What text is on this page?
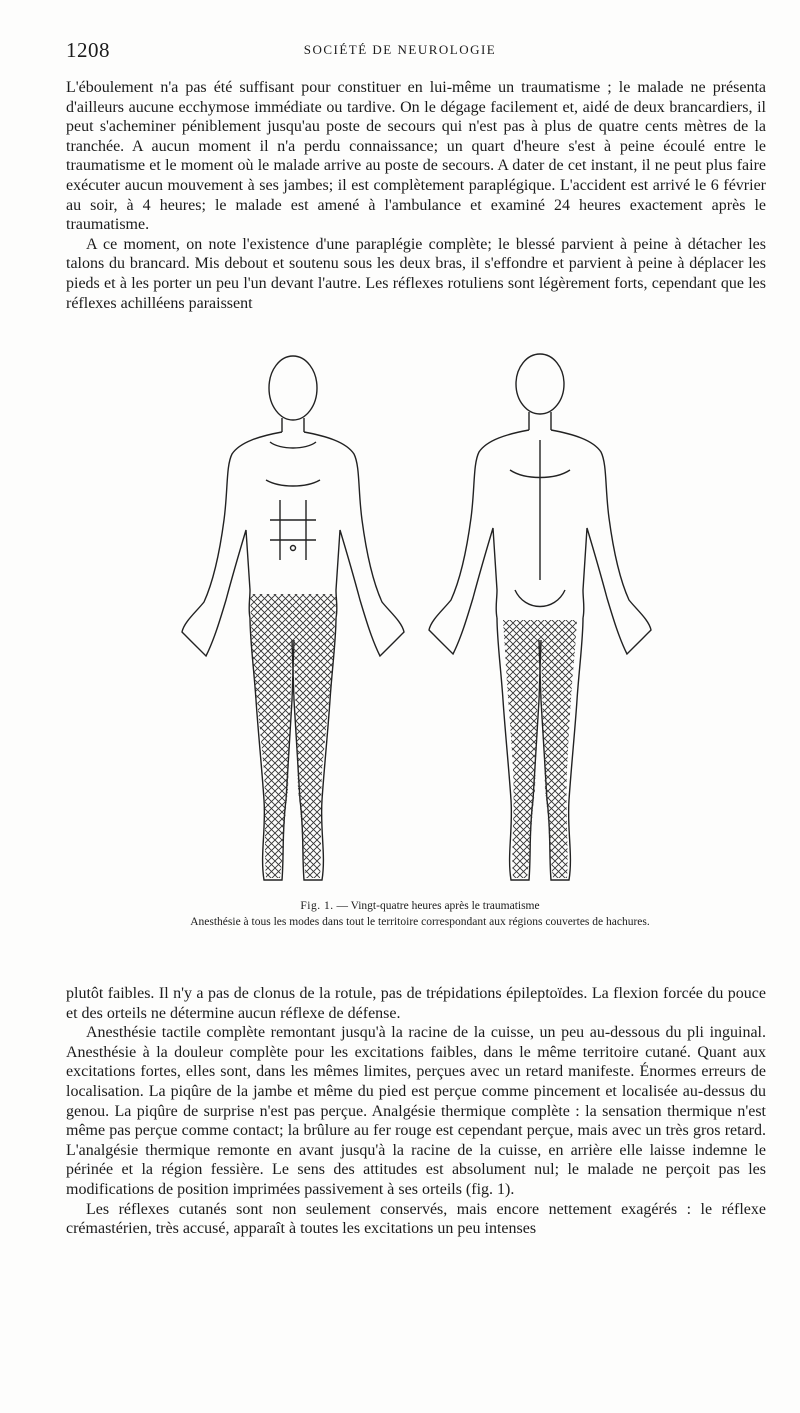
1208	SOCIÉTÉ DE NEUROLOGIE

L'éboulement n'a pas été suffisant pour constituer en lui-même un traumatisme ; le malade ne présenta d'ailleurs aucune ecchymose immédiate ou tardive. On le dégage facilement et, aidé de deux brancardiers, il peut s'acheminer péniblement jusqu'au poste de secours qui n'est pas à plus de quatre cents mètres de la tranchée. A aucun moment il n'a perdu connaissance; un quart d'heure s'est à peine écoulé entre le traumatisme et le moment où le malade arrive au poste de secours. A dater de cet instant, il ne peut plus faire exécuter aucun mouvement à ses jambes; il est complètement paraplégique. L'accident est arrivé le 6 février au soir, à 4 heures; le malade est amené à l'ambulance et examiné 24 heures exactement après le traumatisme.

A ce moment, on note l'existence d'une paraplégie complète; le blessé parvient à peine à détacher les talons du brancard. Mis debout et soutenu sous les deux bras, il s'effondre et parvient à peine à déplacer les pieds et à les porter un peu l'un devant l'autre. Les réflexes rotuliens sont légèrement forts, cependant que les réflexes achilléens paraissent

Fig. 1. — Vingt-quatre heures après le traumatisme
Anesthésie à tous les modes dans tout le territoire correspondant aux régions couvertes de hachures.

plutôt faibles. Il n'y a pas de clonus de la rotule, pas de trépidations épileptoïdes. La flexion forcée du pouce et des orteils ne détermine aucun réflexe de défense.

Anesthésie tactile complète remontant jusqu'à la racine de la cuisse, un peu au-dessous du pli inguinal. Anesthésie à la douleur complète pour les excitations faibles, dans le même territoire cutané. Quant aux excitations fortes, elles sont, dans les mêmes limites, perçues avec un retard manifeste. Énormes erreurs de localisation. La piqûre de la jambe et même du pied est perçue comme pincement et localisée au-dessus du genou. La piqûre de surprise n'est pas perçue. Analgésie thermique complète : la sensation thermique n'est même pas perçue comme contact; la brûlure au fer rouge est cependant perçue, mais avec un très gros retard. L'analgésie thermique remonte en avant jusqu'à la racine de la cuisse, en arrière elle laisse indemne le périnée et la région fessière. Le sens des attitudes est absolument nul; le malade ne perçoit pas les modifications de position imprimées passivement à ses orteils (fig. 1).

Les réflexes cutanés sont non seulement conservés, mais encore nettement exagérés : le réflexe crémastérien, très accusé, apparaît à toutes les excitations un peu intenses
